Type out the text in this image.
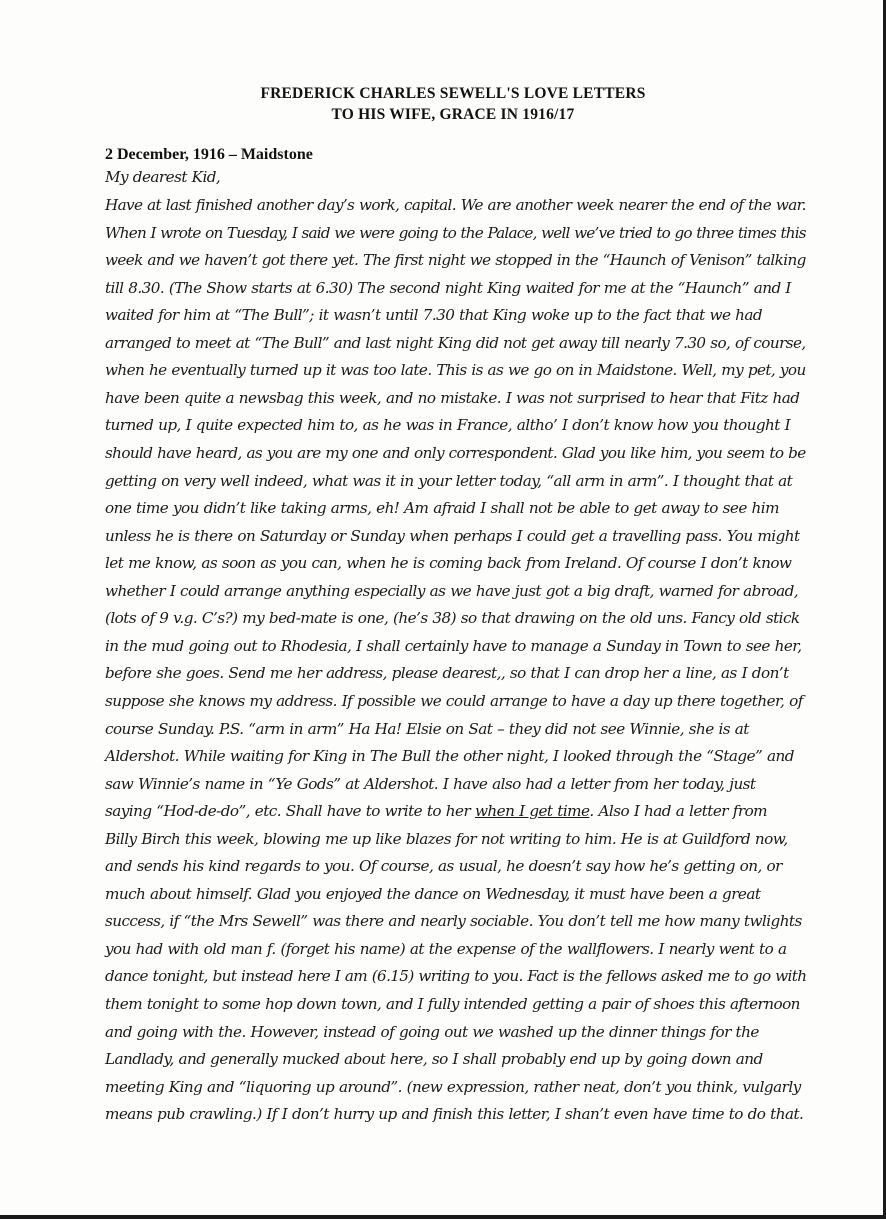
FREDERICK CHARLES SEWELL'S LOVE LETTERS
TO HIS WIFE, GRACE IN 1916/17
2 December, 1916 – Maidstone
My dearest Kid,
Have at last finished another day’s work, capital. We are another week nearer the end of the war.
When I wrote on Tuesday, I said we were going to the Palace, well we’ve tried to go three times this
week and we haven’t got there yet. The first night we stopped in the “Haunch of Venison” talking
till 8.30. (The Show starts at 6.30) The second night King waited for me at the “Haunch” and I
waited for him at “The Bull”; it wasn’t until 7.30 that King woke up to the fact that we had
arranged to meet at “The Bull” and last night King did not get away till nearly 7.30 so, of course,
when he eventually turned up it was too late. This is as we go on in Maidstone. Well, my pet, you
have been quite a newsbag this week, and no mistake. I was not surprised to hear that Fitz had
turned up, I quite expected him to, as he was in France, altho’ I don’t know how you thought I
should have heard, as you are my one and only correspondent. Glad you like him, you seem to be
getting on very well indeed, what was it in your letter today, “all arm in arm”. I thought that at
one time you didn’t like taking arms, eh! Am afraid I shall not be able to get away to see him
unless he is there on Saturday or Sunday when perhaps I could get a travelling pass. You might
let me know, as soon as you can, when he is coming back from Ireland. Of course I don’t know
whether I could arrange anything especially as we have just got a big draft, warned for abroad,
(lots of 9 v.g. C’s?) my bed-mate is one, (he’s 38) so that drawing on the old uns. Fancy old stick
in the mud going out to Rhodesia, I shall certainly have to manage a Sunday in Town to see her,
before she goes. Send me her address, please dearest,, so that I can drop her a line, as I don’t
suppose she knows my address. If possible we could arrange to have a day up there together, of
course Sunday. P.S. “arm in arm” Ha Ha! Elsie on Sat – they did not see Winnie, she is at
Aldershot. While waiting for King in The Bull the other night, I looked through the “Stage” and
saw Winnie’s name in “Ye Gods” at Aldershot. I have also had a letter from her today, just
saying “Hod-de-do”, etc. Shall have to write to her when I get time. Also I had a letter from
Billy Birch this week, blowing me up like blazes for not writing to him. He is at Guildford now,
and sends his kind regards to you. Of course, as usual, he doesn’t say how he’s getting on, or
much about himself. Glad you enjoyed the dance on Wednesday, it must have been a great
success, if “the Mrs Sewell” was there and nearly sociable. You don’t tell me how many twlights
you had with old man f. (forget his name) at the expense of the wallflowers. I nearly went to a
dance tonight, but instead here I am (6.15) writing to you. Fact is the fellows asked me to go with
them tonight to some hop down town, and I fully intended getting a pair of shoes this afternoon
and going with the. However, instead of going out we washed up the dinner things for the
Landlady, and generally mucked about here, so I shall probably end up by going down and
meeting King and “liquoring up around”. (new expression, rather neat, don’t you think, vulgarly
means pub crawling.) If I don’t hurry up and finish this letter, I shan’t even have time to do that.
